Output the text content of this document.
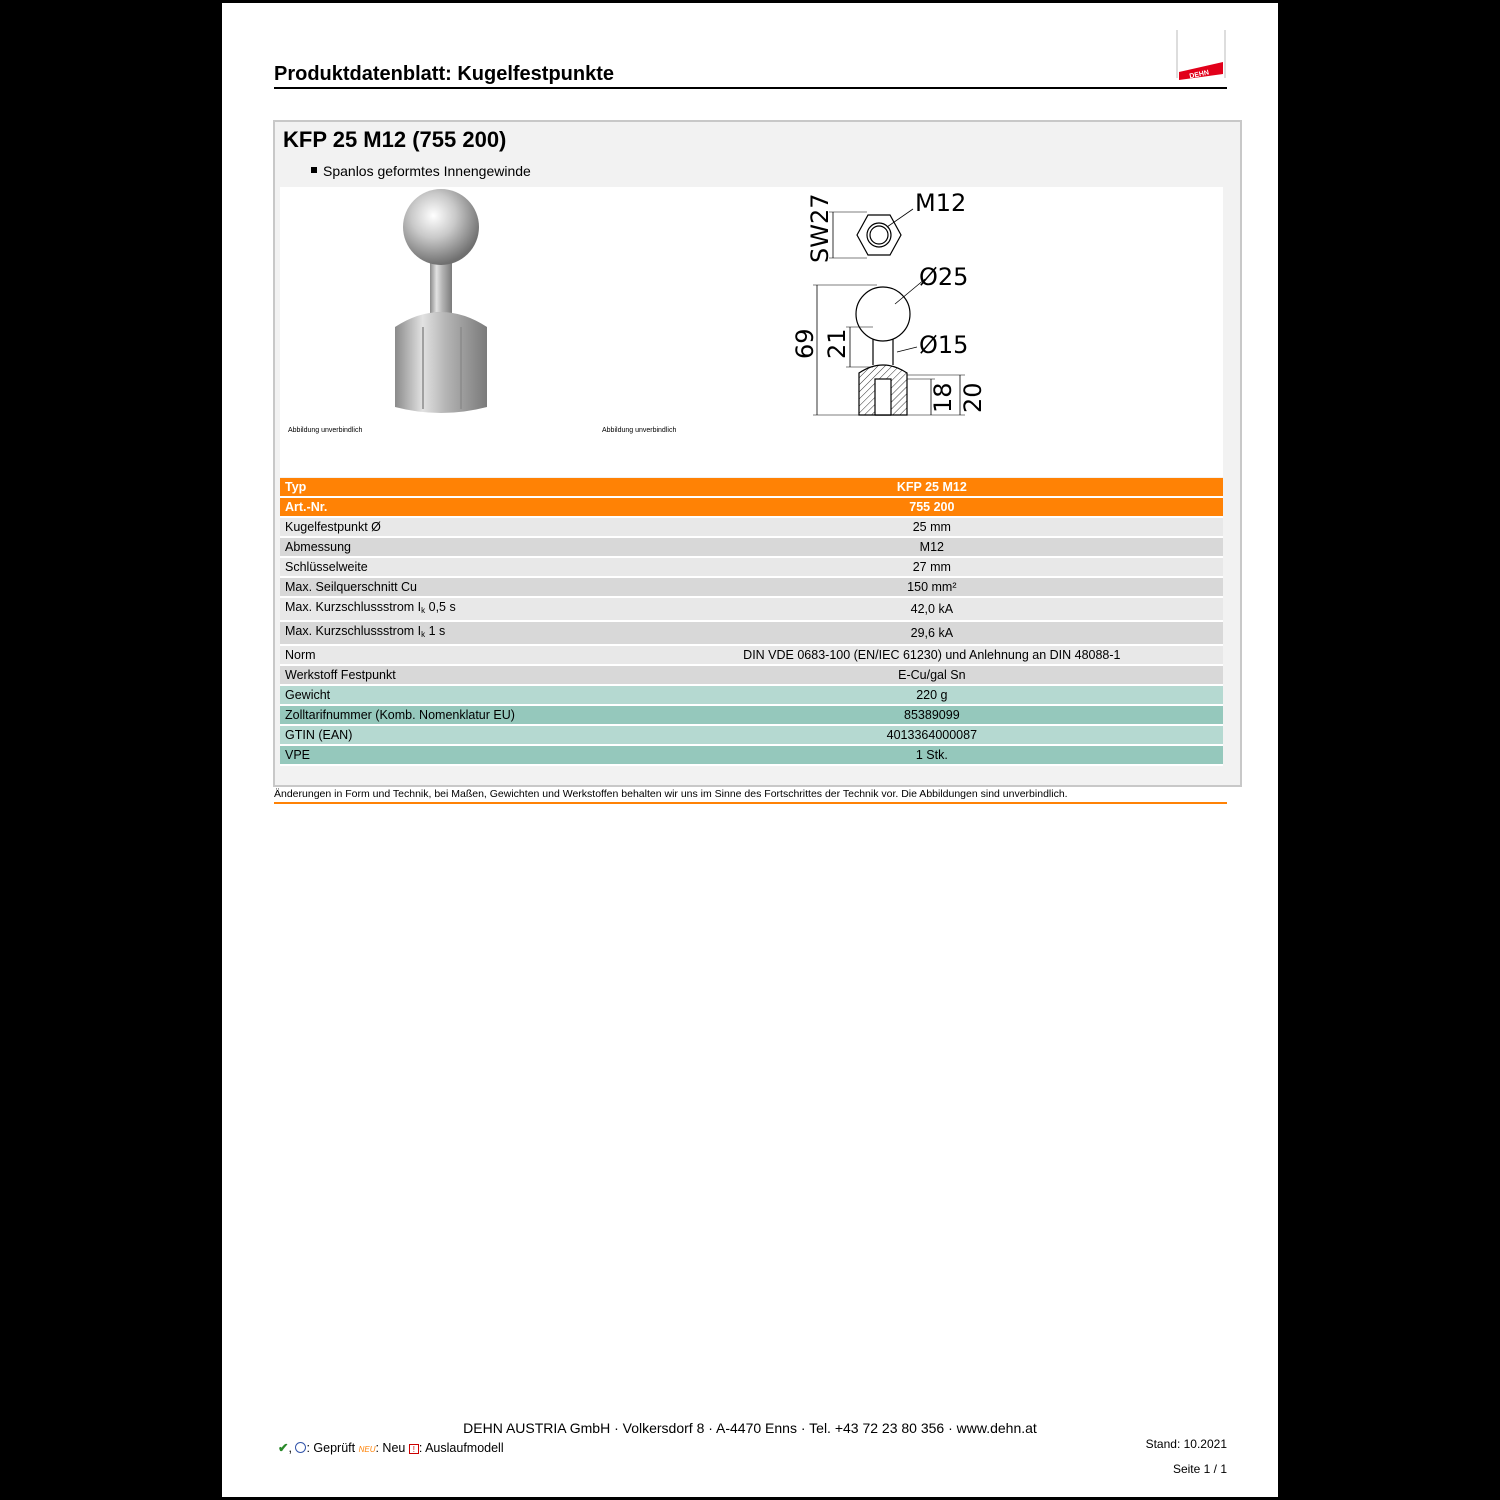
Produktdatenblatt: Kugelfestpunkte	DEHN
KFP 25 M12 (755 200)
Spanlos geformtes Innengewinde
M12
SW27
Ø25
Ø15
69 21
18 20
Abbildung unverbindlich	Abbildung unverbindlich
Typ	KFP 25 M12
Art.-Nr.	755 200
Kugelfestpunkt Ø	25 mm
Abmessung	M12
Schlüsselweite	27 mm
Max. Seilquerschnitt Cu	150 mm²
Max. Kurzschlussstrom $I_k$ 0,5 s	42,0 kA
Max. Kurzschlussstrom $I_k$ 1 s	29,6 kA
Norm	DIN VDE 0683-100 (EN/IEC 61230) und Anlehnung an DIN 48088-1
Werkstoff Festpunkt	E-Cu/gal Sn
Gewicht	220 g
Zolltarifnummer (Komb. Nomenklatur EU)	85389099
GTIN (EAN)	4013364000087
VPE	1 Stk.
Änderungen in Form und Technik, bei Maßen, Gewichten und Werkstoffen behalten wir uns im Sinne des Fortschrittes der Technik vor. Die Abbildungen sind unverbindlich.
DEHN AUSTRIA GmbH · Volkersdorf 8 · A-4470 Enns · Tel. +43 72 23 80 356 · www.dehn.at
✔, : Geprüft NEU: Neu ! : Auslaufmodell	Stand: 10.2021
Seite 1 / 1
